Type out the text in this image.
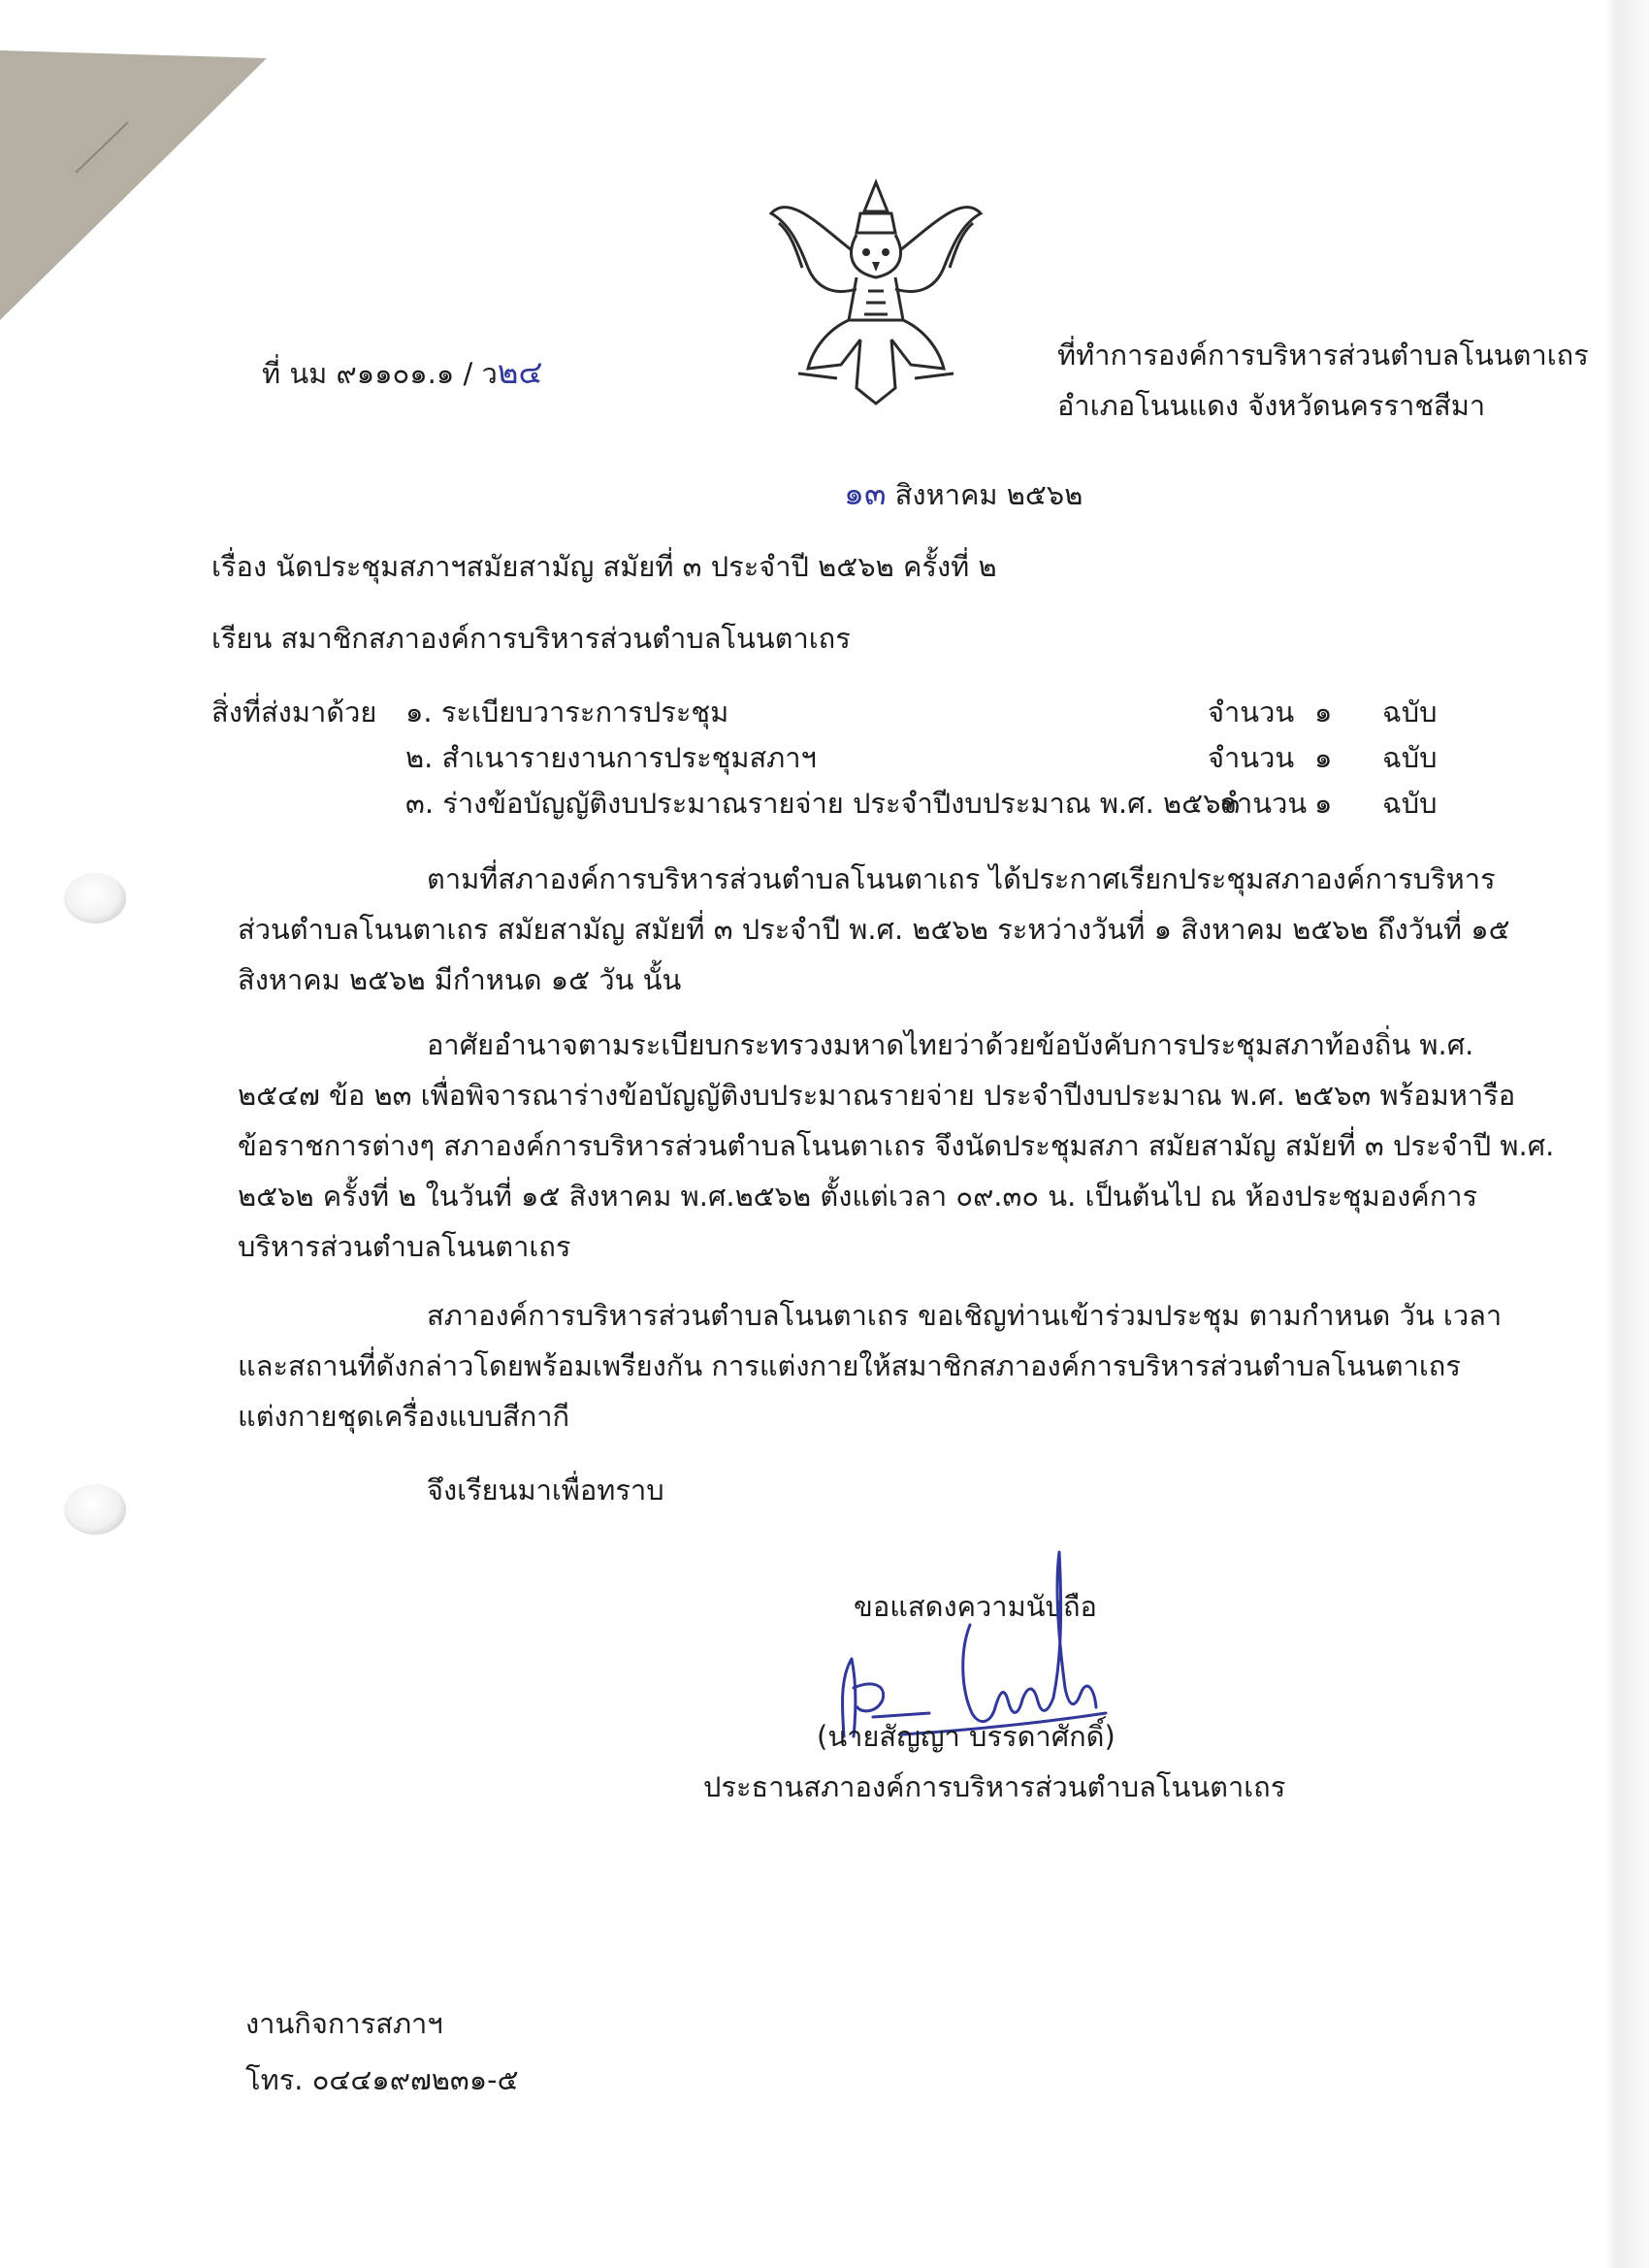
ที่ นม ๙๑๑๐๑.๑ / ว๒๔	ที่ทำการองค์การบริหารส่วนตำบลโนนตาเถร
อำเภอโนนแดง จังหวัดนครราชสีมา
๑๓ สิงหาคม ๒๕๖๒
เรื่อง นัดประชุมสภาฯสมัยสามัญ สมัยที่ ๓ ประจำปี ๒๕๖๒ ครั้งที่ ๒
เรียน สมาชิกสภาองค์การบริหารส่วนตำบลโนนตาเถร
สิ่งที่ส่งมาด้วย ๑. ระเบียบวาระการประชุม
๒. สำเนารายงานการประชุมสภาฯ
๓. ร่างข้อบัญญัติงบประมาณรายจ่าย ประจำปีงบประมาณ พ.ศ. ๒๕๖๓
จำนวน ๑ ฉบับ
จำนวน ๑ ฉบับ
จำนวน ๑ ฉบับ
ตามที่สภาองค์การบริหารส่วนตำบลโนนตาเถร ได้ประกาศเรียกประชุมสภาองค์การบริหาร
ส่วนตำบลโนนตาเถร สมัยสามัญ สมัยที่ ๓ ประจำปี พ.ศ. ๒๕๖๒ ระหว่างวันที่ ๑ สิงหาคม ๒๕๖๒ ถึงวันที่ ๑๕
สิงหาคม ๒๕๖๒ มีกำหนด ๑๕ วัน นั้น
อาศัยอำนาจตามระเบียบกระทรวงมหาดไทยว่าด้วยข้อบังคับการประชุมสภาท้องถิ่น พ.ศ.
๒๕๔๗ ข้อ ๒๓ เพื่อพิจารณาร่างข้อบัญญัติงบประมาณรายจ่าย ประจำปีงบประมาณ พ.ศ. ๒๕๖๓ พร้อมหารือ
ข้อราชการต่างๆ สภาองค์การบริหารส่วนตำบลโนนตาเถร จึงนัดประชุมสภา สมัยสามัญ สมัยที่ ๓ ประจำปี พ.ศ.
๒๕๖๒ ครั้งที่ ๒ ในวันที่ ๑๕ สิงหาคม พ.ศ.๒๕๖๒ ตั้งแต่เวลา ๐๙.๓๐ น. เป็นต้นไป ณ ห้องประชุมองค์การ
บริหารส่วนตำบลโนนตาเถร
สภาองค์การบริหารส่วนตำบลโนนตาเถร ขอเชิญท่านเข้าร่วมประชุม ตามกำหนด วัน เวลา
และสถานที่ดังกล่าวโดยพร้อมเพรียงกัน การแต่งกายให้สมาชิกสภาองค์การบริหารส่วนตำบลโนนตาเถร
แต่งกายชุดเครื่องแบบสีกากี
จึงเรียนมาเพื่อทราบ
ขอแสดงความนับถือ
(นายสัญญา บรรดาศักดิ์)
ประธานสภาองค์การบริหารส่วนตำบลโนนตาเถร
งานกิจการสภาฯ
โทร. ๐๔๔๑๙๗๒๓๑-๕
